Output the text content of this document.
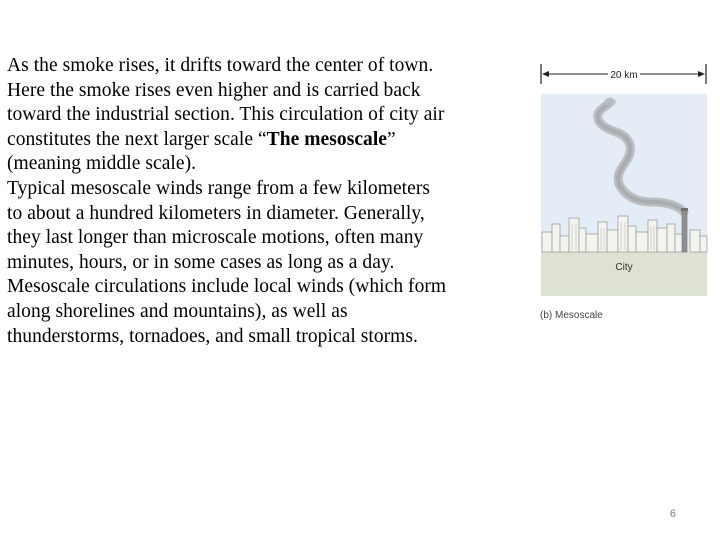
As the smoke rises, it drifts toward the center of town.
Here the smoke rises even higher and is carried back
toward the industrial section. This circulation of city air
constitutes the next larger scale “The mesoscale”
(meaning middle scale).
Typical mesoscale winds range from a few kilometers
to about a hundred kilometers in diameter. Generally,
they last longer than microscale motions, often many
minutes, hours, or in some cases as long as a day.
Mesoscale circulations include local winds (which form
along shorelines and mountains), as well as
thunderstorms, tornadoes, and small tropical storms.
20 km
City
(b) Mesoscale
6
